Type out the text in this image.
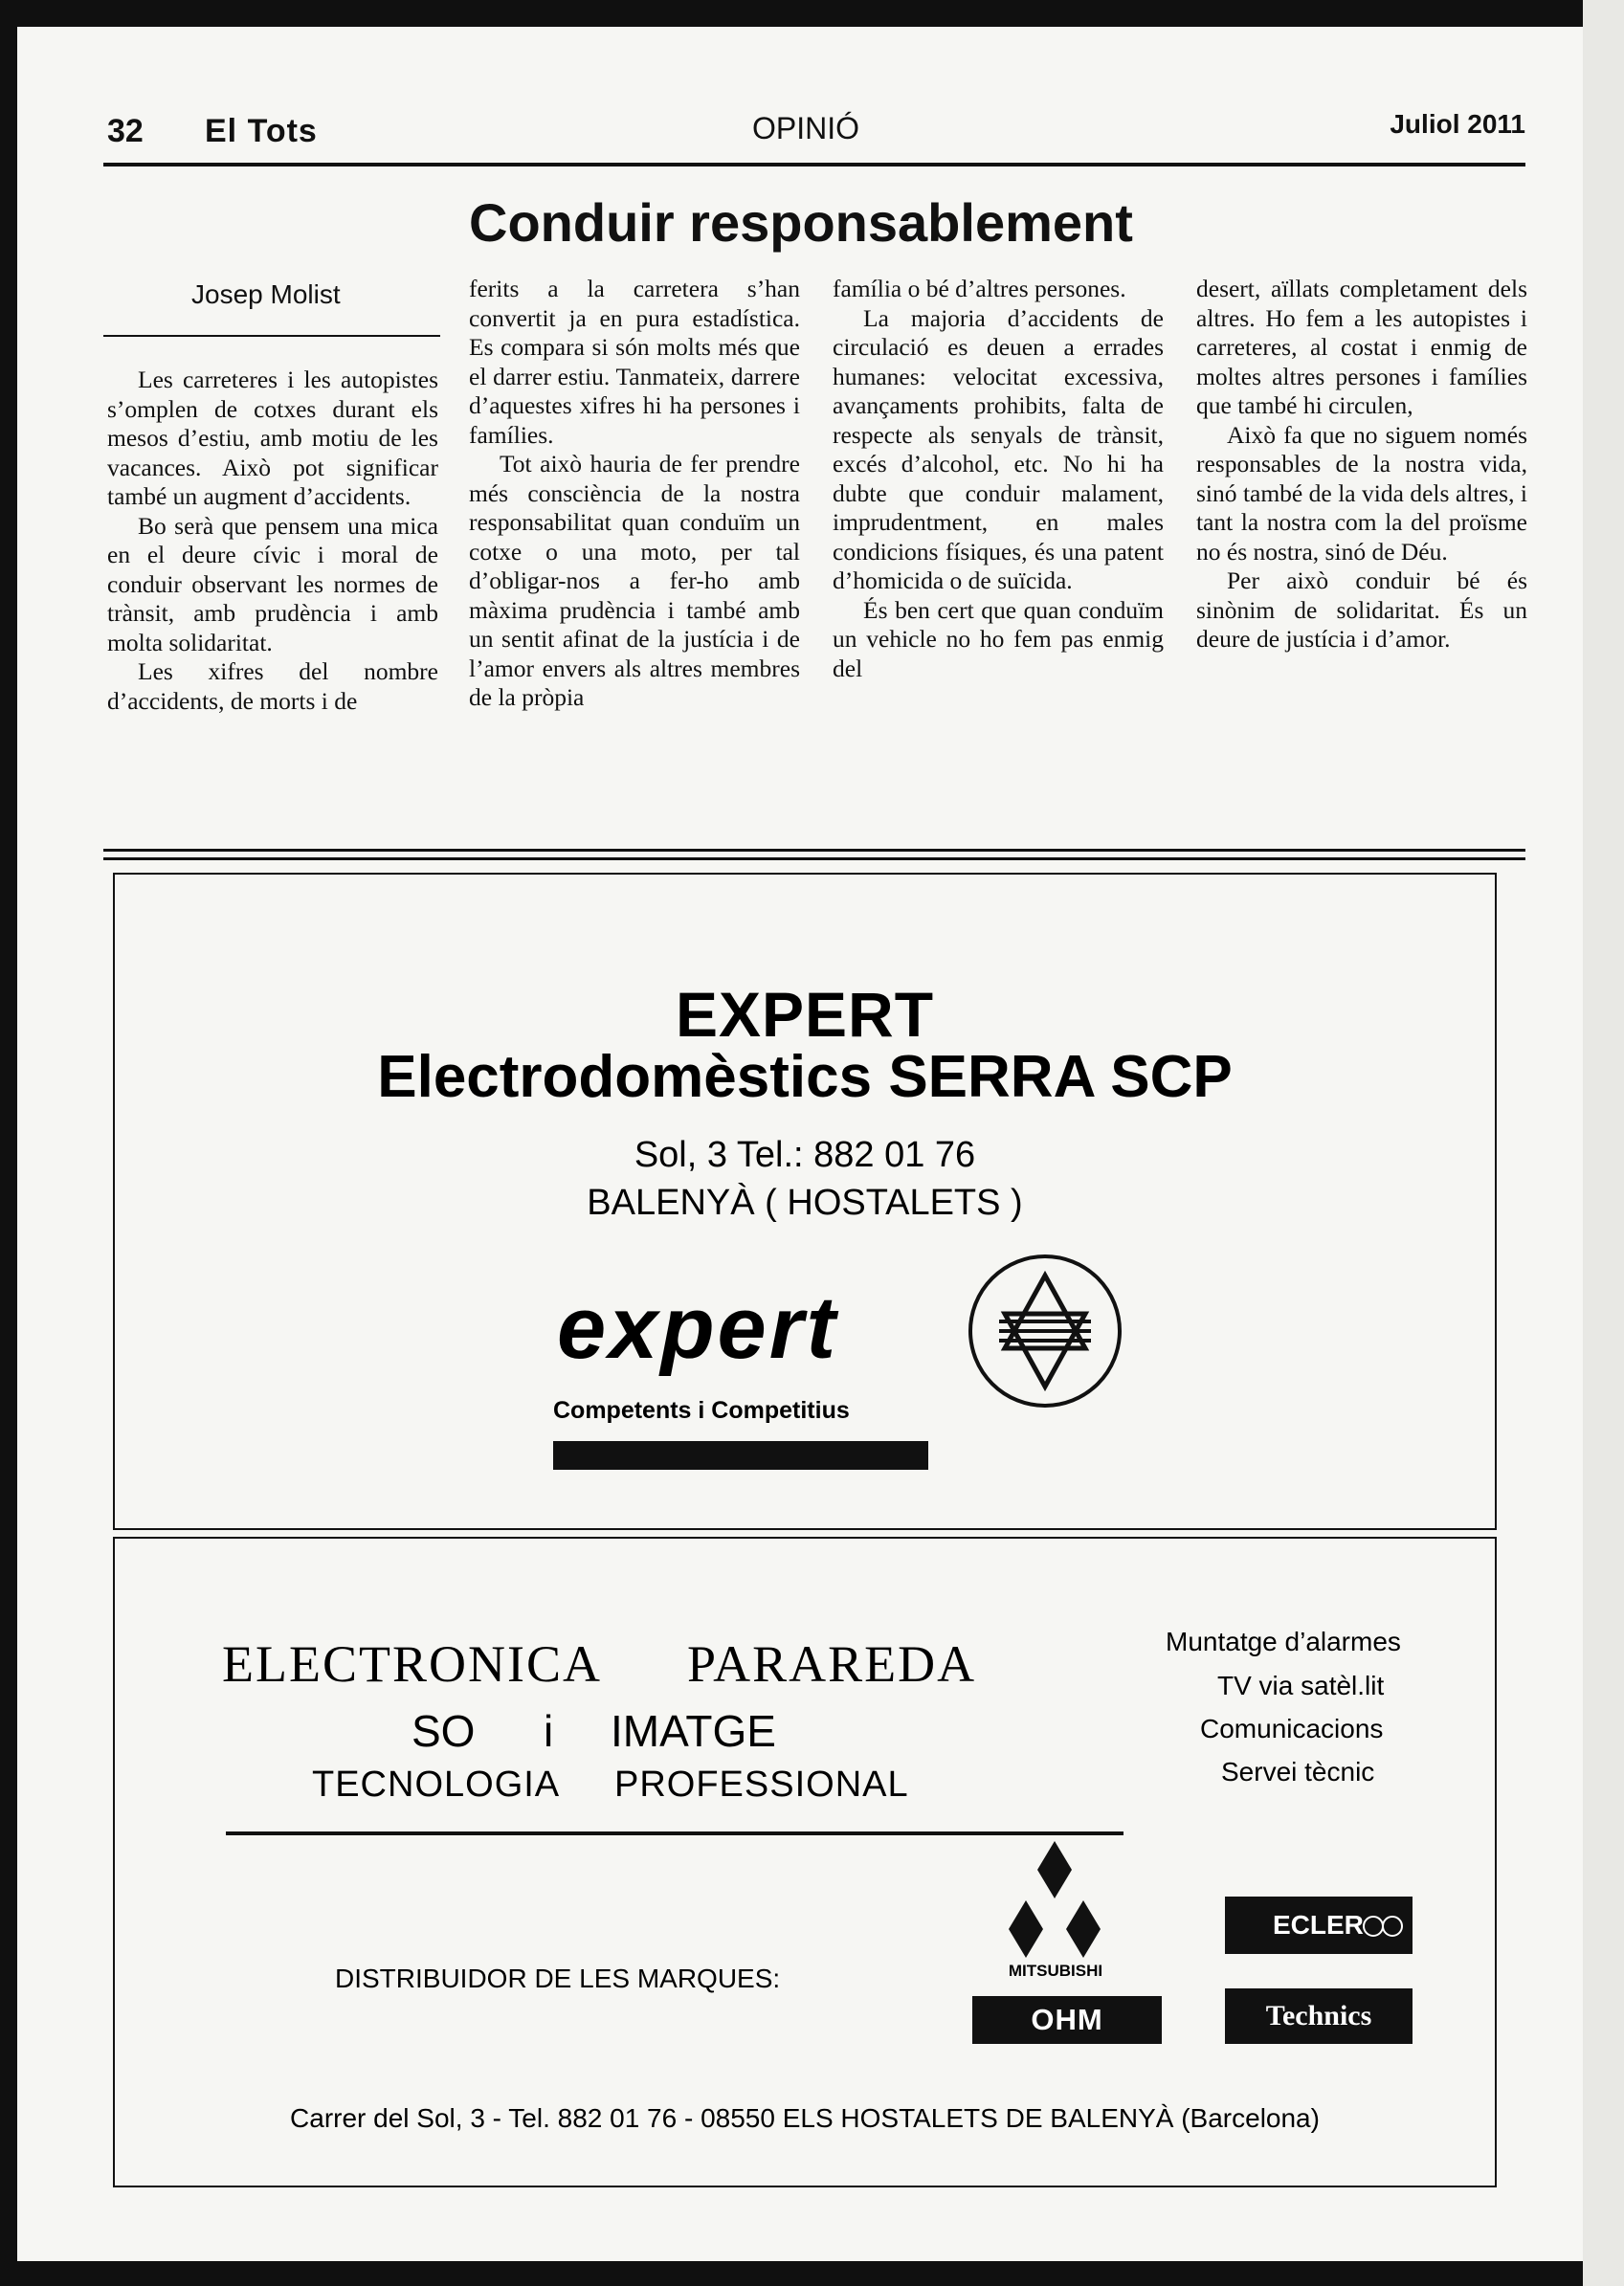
32 El Tots	OPINIÓ	Juliol 2011
Conduir responsablement
Josep Molist

Les carreteres i les autopistes s’omplen de cotxes durant els mesos d’estiu, amb motiu de les vacances. Això pot significar també un augment d’accidents.

Bo serà que pensem una mica en el deure cívic i moral de conduir observant les normes de trànsit, amb prudència i amb molta solidaritat.

Les xifres del nombre d’accidents, de morts i de

ferits a la carretera s’han convertit ja en pura estadística. Es compara si són molts més que el darrer estiu. Tanmateix, darrere d’aquestes xifres hi ha persones i famílies.

Tot això hauria de fer prendre més consciència de la nostra responsabilitat quan conduïm un cotxe o una moto, per tal d’obligar-nos a fer-ho amb màxima prudència i també amb un sentit afinat de la justícia i de l’amor envers als altres membres de la pròpia

família o bé d’altres persones.

La majoria d’accidents de circulació es deuen a errades humanes: velocitat excessiva, avançaments prohibits, falta de respecte als senyals de trànsit, excés d’alcohol, etc. No hi ha dubte que conduir malament, imprudentment, en males condicions físiques, és una patent d’homicida o de suïcida.

És ben cert que quan conduïm un vehicle no ho fem pas enmig del

desert, aïllats completament dels altres. Ho fem a les autopistes i carreteres, al costat i enmig de moltes altres persones i famílies que també hi circulen,

Això fa que no siguem només responsables de la nostra vida, sinó també de la vida dels altres, i tant la nostra com la del proïsme no és nostra, sinó de Déu.

Per això conduir bé és sinònim de solidaritat. És un deure de justícia i d’amor.

EXPERT
Electrodomèstics SERRA SCP
Sol, 3 Tel.: 882 01 76
BALENYÀ ( HOSTALETS )
expert
Competents i Competitius
ELECTRONICA PARAREDA
SO i IMATGE
TECNOLOGIA PROFESSIONAL
Muntatge d’alarmes
TV via satèl.lit
Comunicacions
Servei tècnic
DISTRIBUIDOR DE LES MARQUES:	MITSUBISHI
ECLER
OHM	Technics
Carrer del Sol, 3 - Tel. 882 01 76 - 08550 ELS HOSTALETS DE BALENYÀ (Barcelona)
